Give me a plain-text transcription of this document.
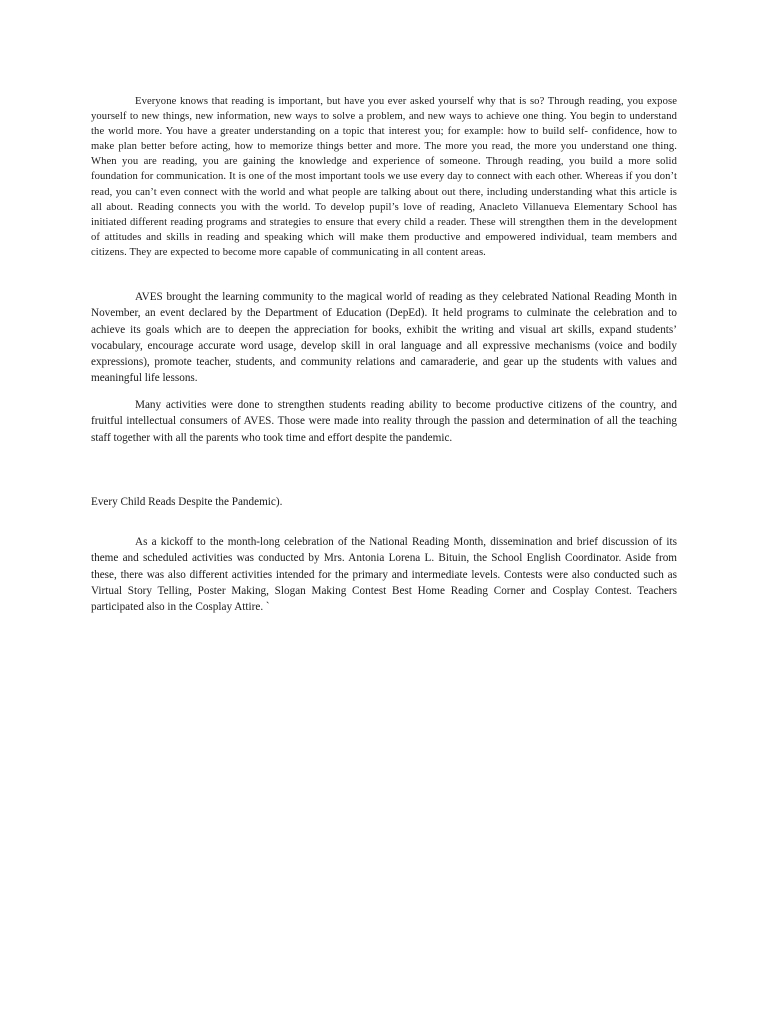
Everyone knows that reading is important, but have you ever asked yourself why that is so? Through reading, you expose yourself to new things, new information, new ways to solve a problem, and new ways to achieve one thing. You begin to understand the world more. You have a greater understanding on a topic that interest you; for example: how to build self- confidence, how to make plan better before acting, how to memorize things better and more. The more you read, the more you understand one thing. When you are reading, you are gaining the knowledge and experience of someone. Through reading, you build a more solid foundation for communication. It is one of the most important tools we use every day to connect with each other. Whereas if you don’t read, you can’t even connect with the world and what people are talking about out there, including understanding what this article is all about. Reading connects you with the world. To develop pupil’s love of reading, Anacleto Villanueva Elementary School has initiated different reading programs and strategies to ensure that every child a reader. These will strengthen them in the development of attitudes and skills in reading and speaking which will make them productive and empowered individual, team members and citizens. They are expected to become more capable of communicating in all content areas.

AVES brought the learning community to the magical world of reading as they celebrated National Reading Month in November, an event declared by the Department of Education (DepEd). It held programs to culminate the celebration and to achieve its goals which are to deepen the appreciation for books, exhibit the writing and visual art skills, expand students’ vocabulary, encourage accurate word usage, develop skill in oral language and all expressive mechanisms (voice and bodily expressions), promote teacher, students, and community relations and camaraderie, and gear up the students with values and meaningful life lessons.

Many activities were done to strengthen students reading ability to become productive citizens of the country, and fruitful intellectual consumers of AVES. Those were made into reality through the passion and determination of all the teaching staff together with all the parents who took time and effort despite the pandemic.

Every Child Reads Despite the Pandemic).

As a kickoff to the month-long celebration of the National Reading Month, dissemination and brief discussion of its theme and scheduled activities was conducted by Mrs. Antonia Lorena L. Bituin, the School English Coordinator. Aside from these, there was also different activities intended for the primary and intermediate levels. Contests were also conducted such as Virtual Story Telling, Poster Making, Slogan Making Contest Best Home Reading Corner and Cosplay Contest. Teachers participated also in the Cosplay Attire. `
